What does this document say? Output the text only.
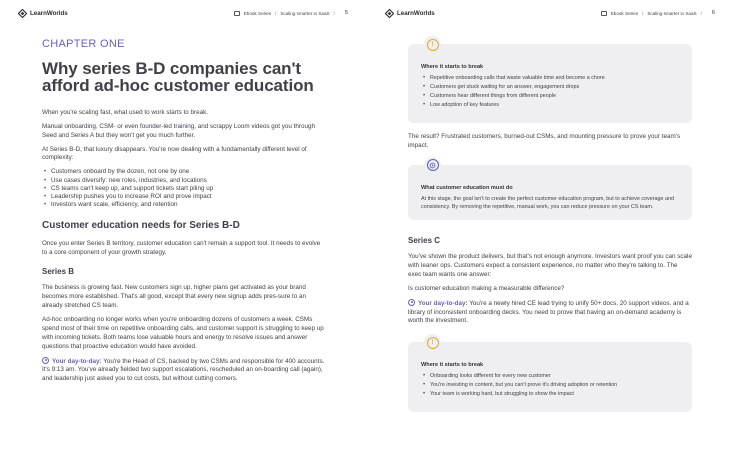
LearnWorlds	Ebook Series / Scaling smarter in SaaS / 5
CHAPTER ONE
Why series B-D companies can't afford ad-hoc customer education

When you're scaling fast, what used to work starts to break.

Manual onboarding, CSM- or even founder-led training, and scrappy Loom videos got you through Seed and Series A but they won't get you much further.

At Series B-D, that luxury disappears. You're now dealing with a fundamentally different level of complexity:

• Customers onboard by the dozen, not one by one
• Use cases diversify: new roles, industries, and locations
• CS teams can't keep up, and support tickets start piling up
• Leadership pushes you to increase ROI and prove impact
• Investors want scale, efficiency, and retention
Customer education needs for Series B-D

Once you enter Series B territory, customer education can't remain a support tool. It needs to evolve to a core component of your growth strategy.

Series B

The business is growing fast. New customers sign up, higher plans get activated as your brand becomes more established. That's all good, except that every new signup adds pres-sure to an already stretched CS team.

Ad-hoc onboarding no longer works when you're onboarding dozens of customers a week. CSMs spend most of their time on repetitive onboarding calls, and customer support is struggling to keep up with incoming tickets. Both teams lose valuable hours and energy to resolve issues and answer questions that proactive education would have avoided.

Your day-to-day: You're the Head of CS, backed by two CSMs and responsible for 400 accounts. It's 9:13 am. You've already fielded two support escalations, rescheduled an on-boarding call (again), and leadership just asked you to cut costs, but without cutting corners.

LearnWorlds	Ebook Series / Scaling smarter in SaaS / 6
!
Where it starts to break
• Repetitive onboarding calls that waste valuable time and become a chore
• Customers get stuck waiting for an answer, engagement drops
• Customers hear different things from different people
• Low adoption of key features

The result? Frustrated customers, burned-out CSMs, and mounting pressure to prove your team's impact.

What customer education must do

At this stage, the goal isn't to create the perfect customer education program, but to achieve coverage and consistency. By removing the repetitive, manual work, you can reduce pressure on your CS team.

Series C

You've shown the product delivers, but that's not enough anymore. Investors want proof you can scale with leaner ops. Customers expect a consistent experience, no matter who they're talking to. The exec team wants one answer:

Is customer education making a measurable difference?

Your day-to-day: You're a newly hired CE lead trying to unify 50+ docs, 20 support videos, and a library of inconsistent onboarding decks. You need to prove that having an on-demand academy is worth the investment.

!
Where it starts to break
• Onboarding looks different for every new customer
• You're investing in content, but you can't prove it's driving adoption or retention
• Your team is working hard, but struggling to show the impact
